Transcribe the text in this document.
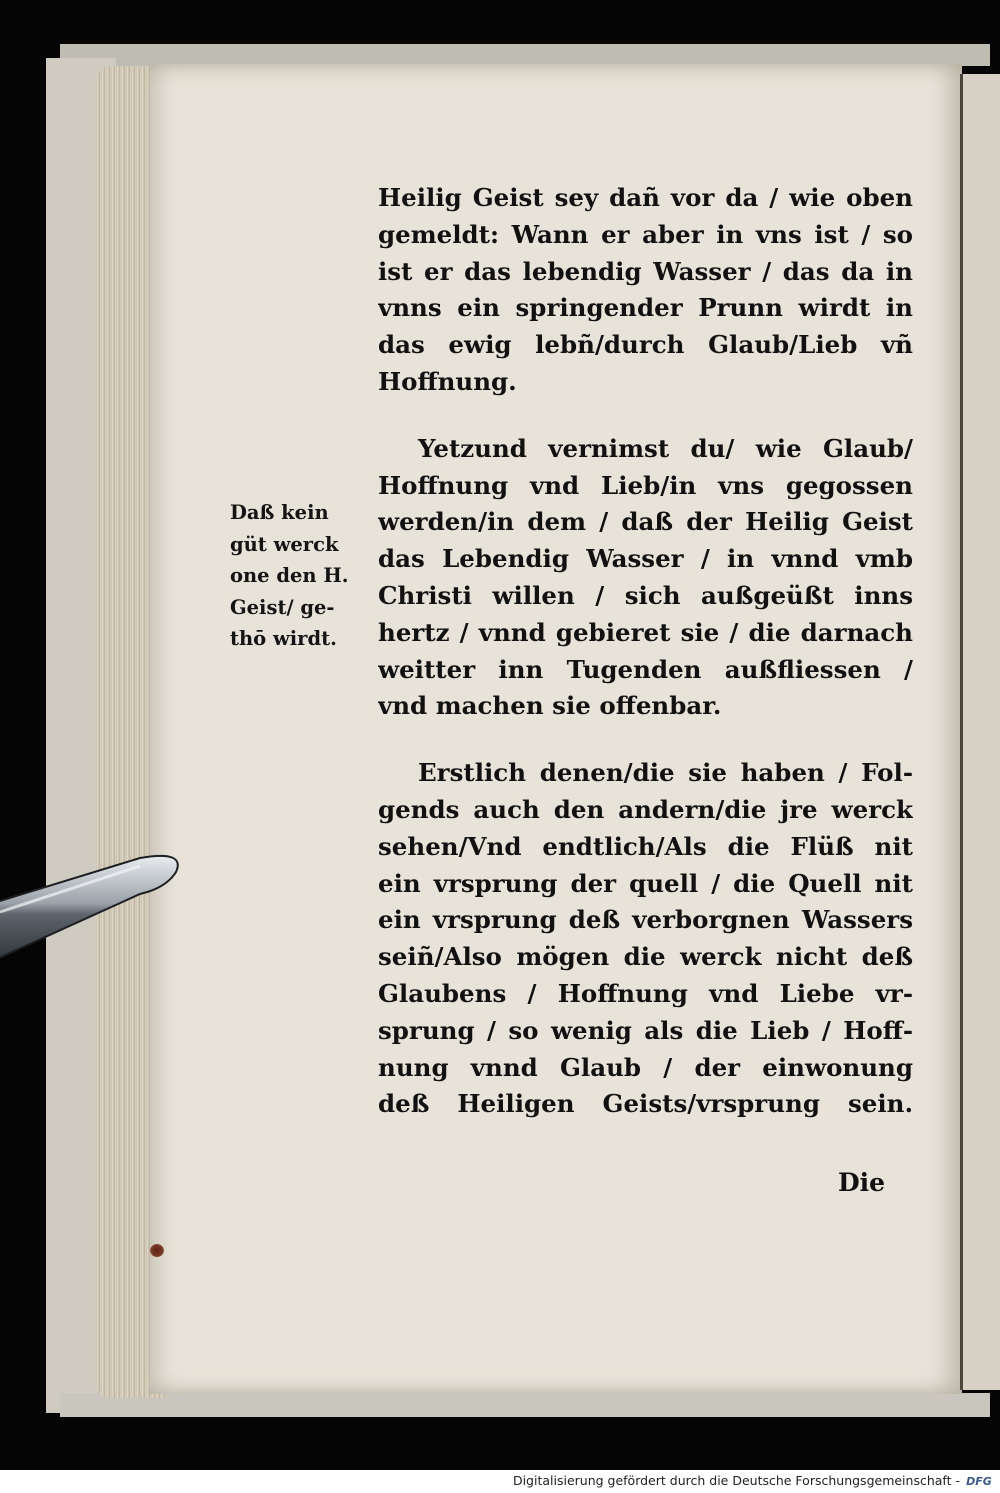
Daß kein
güt werck
one den H.
Geist/ ge-
thō wirdt.
Heilig Geist sey dañ vor da / wie oben
gemeldt: Wann er aber in vns ist / so
ist er das lebendig Wasser / das da in
vnns ein springender Prunn wirdt in
das ewig lebñ/durch Glaub/Lieb vñ
Hoffnung.
Yetzund vernimst du/ wie Glaub/
Hoffnung vnd Lieb/in vns gegossen
werden/in dem / daß der Heilig Geist
das Lebendig Wasser / in vnnd vmb
Christi willen / sich außgeüßt inns
hertz / vnnd gebieret sie / die darnach
weitter inn Tugenden außfliessen /
vnd machen sie offenbar.
Erstlich denen/die sie haben / Fol-
gends auch den andern/die jre werck
sehen/Vnd endtlich/Als die Flüß nit
ein vrsprung der quell / die Quell nit
ein vrsprung deß verborgnen Wassers
seiñ/Also mögen die werck nicht deß
Glaubens / Hoffnung vnd Liebe vr-
sprung / so wenig als die Lieb / Hoff-
nung vnnd Glaub / der einwonung
deß Heiligen Geists/vrsprung sein.
Die
Digitalisierung gefördert durch die Deutsche Forschungsgemeinschaft - DFG
